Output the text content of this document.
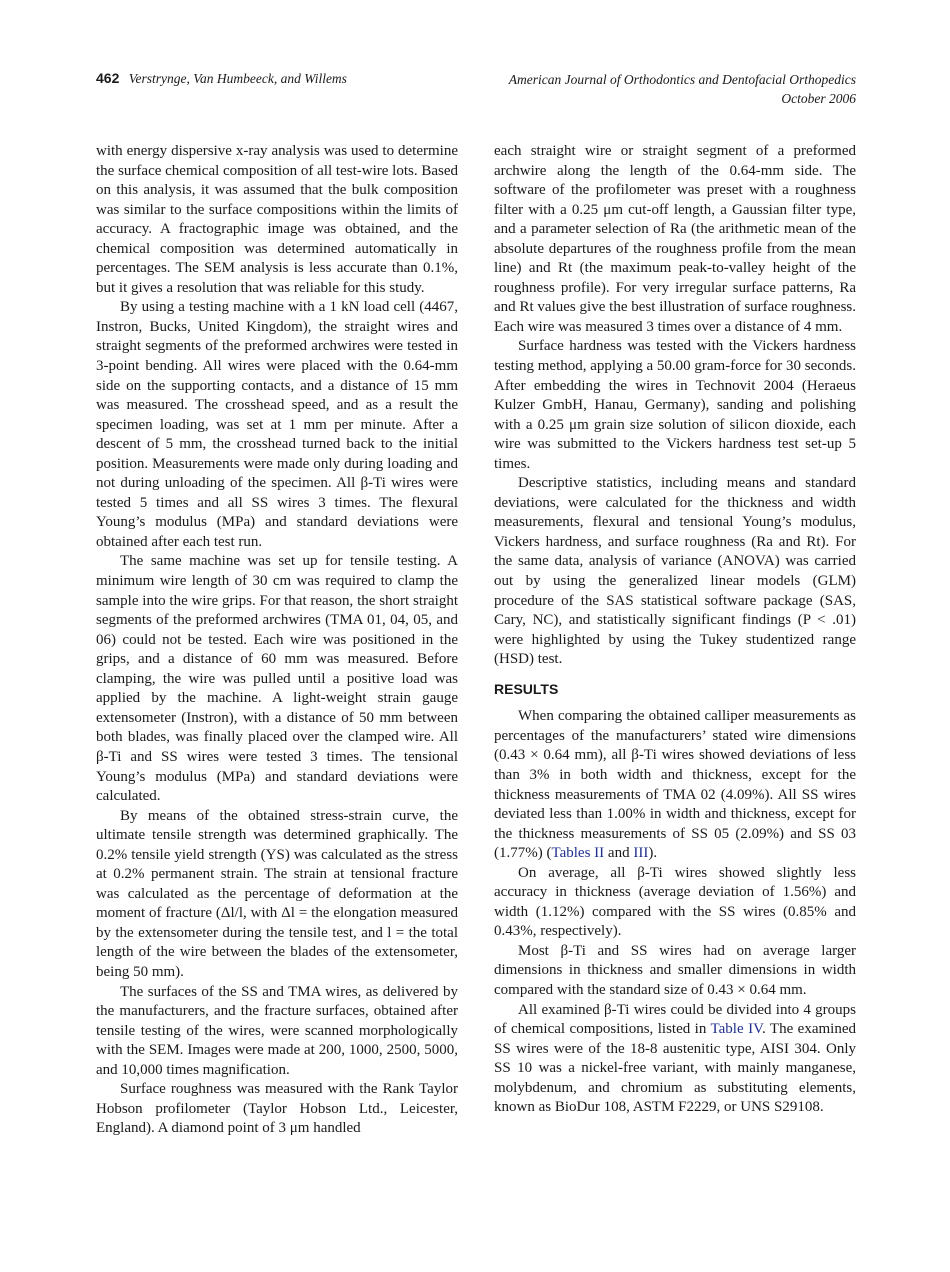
462 Verstrynge, Van Humbeeck, and Willems	American Journal of Orthodontics and Dentofacial Orthopedics
October 2006

with energy dispersive x-ray analysis was used to determine the surface chemical composition of all test-wire lots. Based on this analysis, it was assumed that the bulk composition was similar to the surface compositions within the limits of accuracy. A fractographic image was obtained, and the chemical composition was determined automatically in percentages. The SEM analysis is less accurate than 0.1%, but it gives a resolution that was reliable for this study.

By using a testing machine with a 1 kN load cell (4467, Instron, Bucks, United Kingdom), the straight wires and straight segments of the preformed archwires were tested in 3-point bending. All wires were placed with the 0.64-mm side on the supporting contacts, and a distance of 15 mm was measured. The crosshead speed, and as a result the specimen loading, was set at 1 mm per minute. After a descent of 5 mm, the crosshead turned back to the initial position. Measurements were made only during loading and not during unloading of the specimen. All β-Ti wires were tested 5 times and all SS wires 3 times. The flexural Young’s modulus (MPa) and standard deviations were obtained after each test run.

The same machine was set up for tensile testing. A minimum wire length of 30 cm was required to clamp the sample into the wire grips. For that reason, the short straight segments of the preformed archwires (TMA 01, 04, 05, and 06) could not be tested. Each wire was positioned in the grips, and a distance of 60 mm was measured. Before clamping, the wire was pulled until a positive load was applied by the machine. A light-weight strain gauge extensometer (Instron), with a distance of 50 mm between both blades, was finally placed over the clamped wire. All β-Ti and SS wires were tested 3 times. The tensional Young’s modulus (MPa) and standard deviations were calculated.

By means of the obtained stress-strain curve, the ultimate tensile strength was determined graphically. The 0.2% tensile yield strength (YS) was calculated as the stress at 0.2% permanent strain. The strain at tensional fracture was calculated as the percentage of deformation at the moment of fracture (Δl/l, with Δl = the elongation measured by the extensometer during the tensile test, and l = the total length of the wire between the blades of the extensometer, being 50 mm).

The surfaces of the SS and TMA wires, as delivered by the manufacturers, and the fracture surfaces, obtained after tensile testing of the wires, were scanned morphologically with the SEM. Images were made at 200, 1000, 2500, 5000, and 10,000 times magnification.

Surface roughness was measured with the Rank Taylor Hobson profilometer (Taylor Hobson Ltd., Leicester, England). A diamond point of 3 μm handled

each straight wire or straight segment of a preformed archwire along the length of the 0.64-mm side. The software of the profilometer was preset with a roughness filter with a 0.25 μm cut-off length, a Gaussian filter type, and a parameter selection of Ra (the arithmetic mean of the absolute departures of the roughness profile from the mean line) and Rt (the maximum peak-to-valley height of the roughness profile). For very irregular surface patterns, Ra and Rt values give the best illustration of surface roughness. Each wire was measured 3 times over a distance of 4 mm.

Surface hardness was tested with the Vickers hardness testing method, applying a 50.00 gram-force for 30 seconds. After embedding the wires in Technovit 2004 (Heraeus Kulzer GmbH, Hanau, Germany), sanding and polishing with a 0.25 μm grain size solution of silicon dioxide, each wire was submitted to the Vickers hardness test set-up 5 times.

Descriptive statistics, including means and standard deviations, were calculated for the thickness and width measurements, flexural and tensional Young’s modulus, Vickers hardness, and surface roughness (Ra and Rt). For the same data, analysis of variance (ANOVA) was carried out by using the generalized linear models (GLM) procedure of the SAS statistical software package (SAS, Cary, NC), and statistically significant findings (P < .01) were highlighted by using the Tukey studentized range (HSD) test.

RESULTS

When comparing the obtained calliper measurements as percentages of the manufacturers’ stated wire dimensions (0.43 × 0.64 mm), all β-Ti wires showed deviations of less than 3% in both width and thickness, except for the thickness measurements of TMA 02 (4.09%). All SS wires deviated less than 1.00% in width and thickness, except for the thickness measurements of SS 05 (2.09%) and SS 03 (1.77%) (Tables II and III).

On average, all β-Ti wires showed slightly less accuracy in thickness (average deviation of 1.56%) and width (1.12%) compared with the SS wires (0.85% and 0.43%, respectively).

Most β-Ti and SS wires had on average larger dimensions in thickness and smaller dimensions in width compared with the standard size of 0.43 × 0.64 mm.

All examined β-Ti wires could be divided into 4 groups of chemical compositions, listed in Table IV. The examined SS wires were of the 18-8 austenitic type, AISI 304. Only SS 10 was a nickel-free variant, with mainly manganese, molybdenum, and chromium as substituting elements, known as BioDur 108, ASTM F2229, or UNS S29108.
